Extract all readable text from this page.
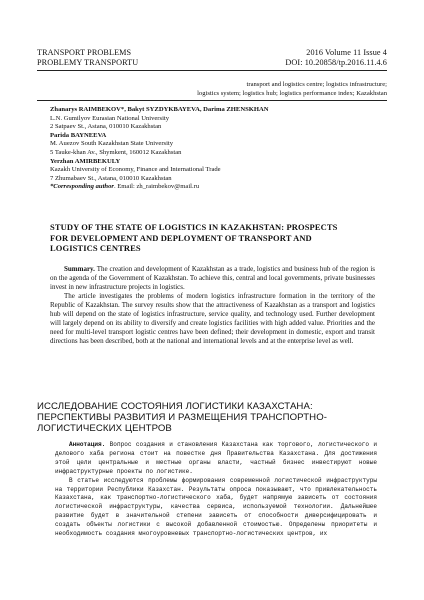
TRANSPORT PROBLEMS	2016 Volume 11 Issue 4
PROBLEMY TRANSPORTU	DOI: 10.20858/tp.2016.11.4.6
transport and logistics centre; logistics infrastructure;
logistics system; logistics hub; logistics performance index; Kazakhstan
Zhanarys RAIMBEKOV*, Bakyt SYZDYKBAYEVA, Darima ZHENSKHAN
L.N. Gumilyov Eurasian National University
2 Satpaev St., Astana, 010010 Kazakhstan
Parida BAYNEEVA
M. Auezov South Kazakhstan State University
5 Tauke-khan Av., Shymkent, 160012 Kazakhstan
Yerzhan AMIRBEKULY
Kazakh University of Economy, Finance and International Trade
7 Zhumabaev St., Astana, 010010 Kazakhstan
*Corresponding author. Email: zh_raimbekov@mail.ru
STUDY OF THE STATE OF LOGISTICS IN KAZAKHSTAN: PROSPECTS
FOR DEVELOPMENT AND DEPLOYMENT OF TRANSPORT AND
LOGISTICS CENTRES

Summary. The creation and development of Kazakhstan as a trade, logistics and business hub of the region is on the agenda of the Government of Kazakhstan. To achieve this, central and local governments, private businesses invest in new infrastructure projects in logistics.

The article investigates the problems of modern logistics infrastructure formation in the territory of the Republic of Kazakhstan. The survey results show that the attractiveness of Kazakhstan as a transport and logistics hub will depend on the state of logistics infrastructure, service quality, and technology used. Further development will largely depend on its ability to diversify and create logistics facilities with high added value. Priorities and the need for multi-level transport logistic centres have been defined; their development in domestic, export and transit directions has been described, both at the national and international levels and at the enterprise level as well.

ИССЛЕДОВАНИЕ СОСТОЯНИЯ ЛОГИСТИКИ КАЗАХСТАНА:
ПЕРСПЕКТИВЫ РАЗВИТИЯ И РАЗМЕЩЕНИЯ ТРАНСПОРТНО-
ЛОГИСТИЧЕСКИХ ЦЕНТРОВ

Аннотация. Вопрос создания и становления Казахстана как торгового, логистического и делового хаба региона стоит на повестке дня Правительства Казахстана. Для достижения этой цели центральные и местные органы власти, частный бизнес инвестируют новые инфраструктурные проекты по логистике.

В статье исследуются проблемы формирования современной логистической инфраструктуры на территории Республики Казахстан. Результаты опроса показывают, что привлекательность Казахстана, как транспортно-логистического хаба, будет напрямую зависеть от состояния логистической инфраструктуры, качества сервиса, используемой технологии. Дальнейшее развитие будет в значительной степени зависеть от способности диверсифицировать и создать объекты логистики с высокой добавленной стоимостью. Определены приоритеты и необходимость создания многоуровневых транспортно-логистических центров, их
